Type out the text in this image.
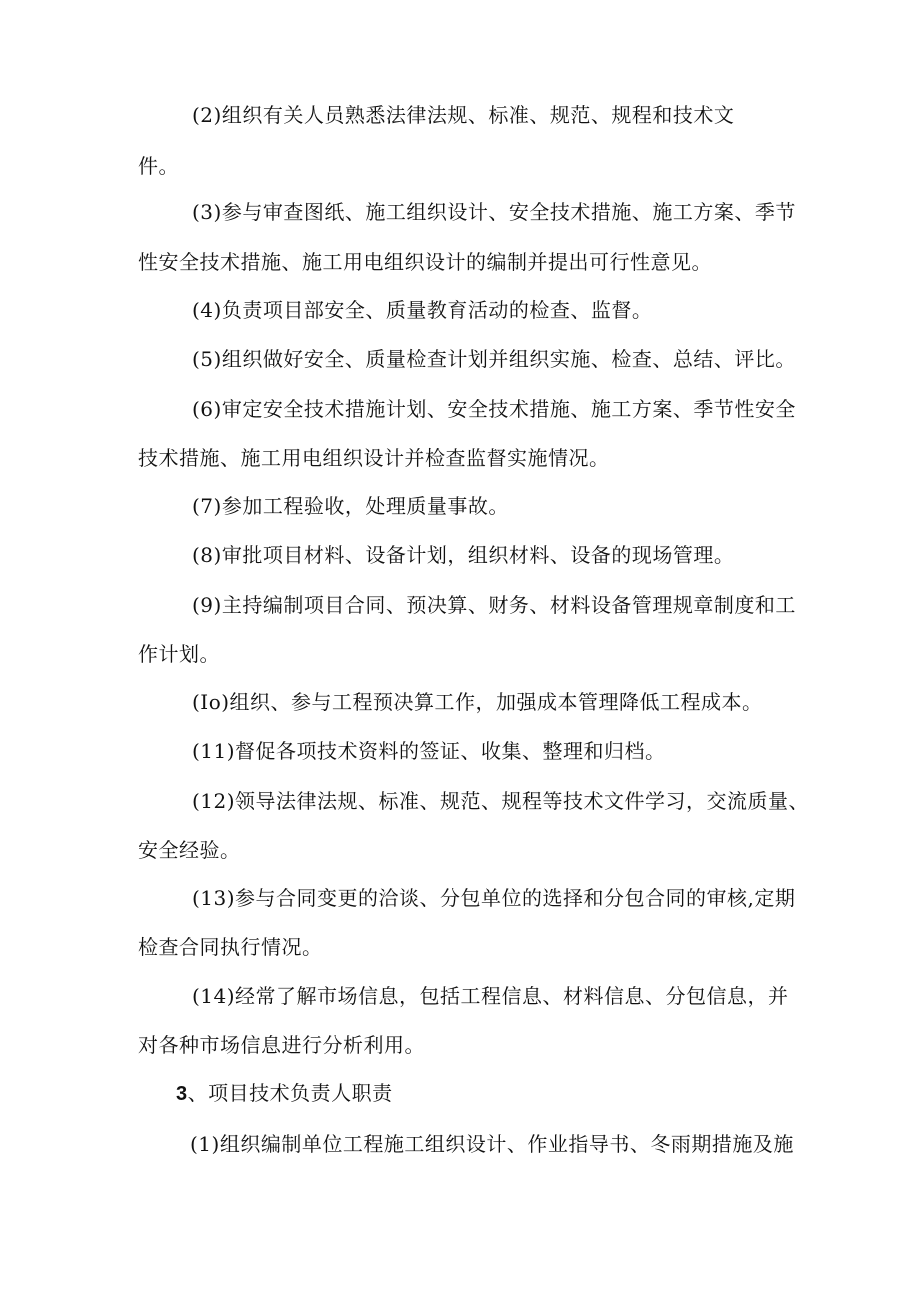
(2)组织有关人员熟悉法律法规、标准、规范、规程和技术文
件。
(3)参与审查图纸、施工组织设计、安全技术措施、施工方案、季节
性安全技术措施、施工用电组织设计的编制并提出可行性意见。
(4)负责项目部安全、质量教育活动的检查、监督。
(5)组织做好安全、质量检查计划并组织实施、检查、总结、评比。
(6)审定安全技术措施计划、安全技术措施、施工方案、季节性安全
技术措施、施工用电组织设计并检查监督实施情况。
(7)参加工程验收，处理质量事故。
(8)审批项目材料、设备计划，组织材料、设备的现场管理。
(9)主持编制项目合同、预决算、财务、材料设备管理规章制度和工
作计划。
(Io)组织、参与工程预决算工作，加强成本管理降低工程成本。
(11)督促各项技术资料的签证、收集、整理和归档。
(12)领导法律法规、标准、规范、规程等技术文件学习，交流质量、
安全经验。
(13)参与合同变更的洽谈、分包单位的选择和分包合同的审核,定期
检查合同执行情况。
(14)经常了解市场信息，包括工程信息、材料信息、分包信息，并
对各种市场信息进行分析利用。
3、项目技术负责人职责
(1)组织编制单位工程施工组织设计、作业指导书、冬雨期措施及施
